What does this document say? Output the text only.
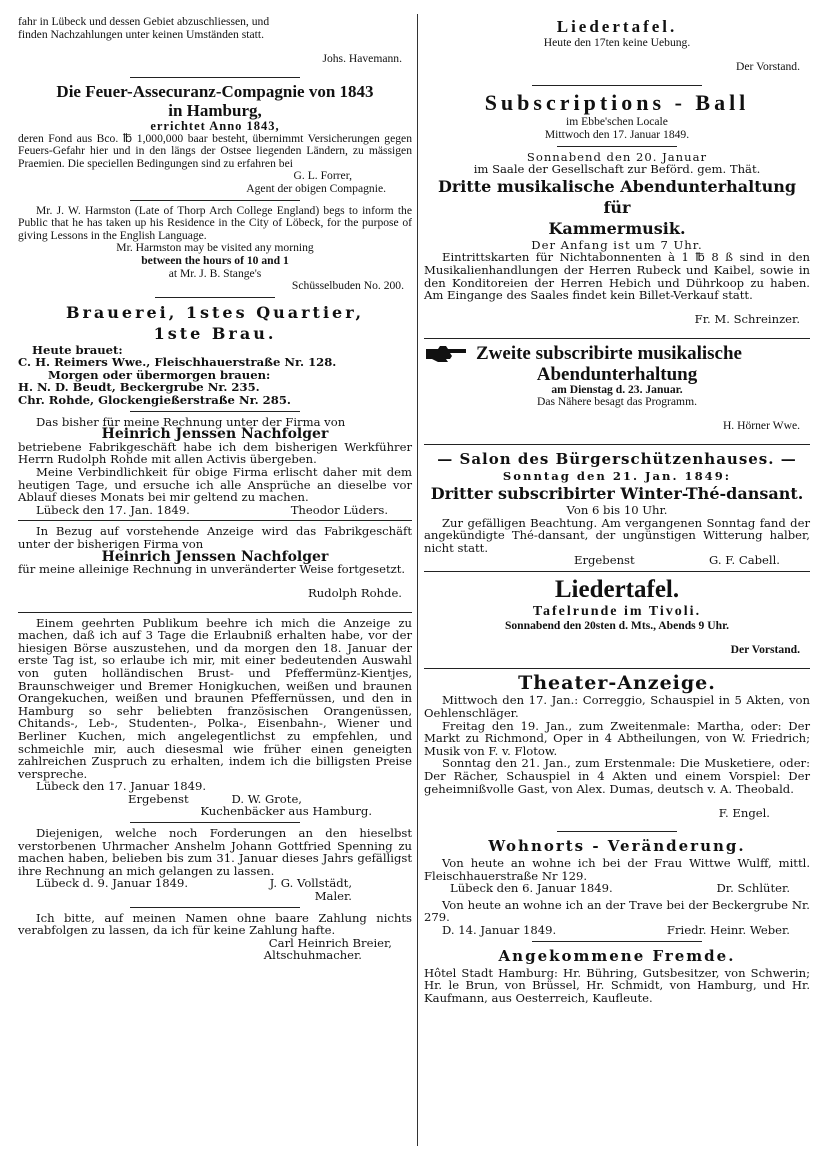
fahr in Lübeck und dessen Gebiet abzuschliessen, und

finden Nachzahlungen unter keinen Umständen statt.

Johs. Havemann.

Die Feuer-Assecuranz-Compagnie von 1843

in Hamburg,

errichtet Anno 1843,

deren Fond aus Bco. ℔ 1,000,000 baar besteht, übernimmt Versicherungen gegen Feuers-Gefahr hier und in den längs der Ostsee liegenden Ländern, zu mässigen Praemien. Die speciellen Bedingungen sind zu erfahren bei

G. L. Forrer,

Agent der obigen Compagnie.

Mr. J. W. Harmston (Late of Thorp Arch College England) begs to inform the Public that he has taken up his Residence in the City of Löbeck, for the purpose of giving Lessons in the English Language.

Mr. Harmston may be visited any morning

between the hours of 10 and 1

at Mr. J. B. Stange's

Schüsselbuden No. 200.

Brauerei, 1stes Quartier,

1ste Brau.

Heute brauet:

C. H. Reimers Wwe., Fleischhauerstraße Nr. 128.

Morgen oder übermorgen brauen:

H. N. D. Beudt, Beckergrube Nr. 235.

Chr. Rohde, Glockengießerstraße Nr. 285.

Das bisher für meine Rechnung unter der Firma von

Heinrich Jenssen Nachfolger

betriebene Fabrikgeschäft habe ich dem bisherigen Werkführer Herrn Rudolph Rohde mit allen Activis übergeben.

Meine Verbindlichkeit für obige Firma erlischt daher mit dem heutigen Tage, und ersuche ich alle Ansprüche an dieselbe vor Ablauf dieses Monats bei mir geltend zu machen.

Lübeck den 17. Jan. 1849.	Theodor Lüders.

In Bezug auf vorstehende Anzeige wird das Fabrikgeschäft unter der bisherigen Firma von

Heinrich Jenssen Nachfolger

für meine alleinige Rechnung in unveränderter Weise fortgesetzt.

Rudolph Rohde.

Einem geehrten Publikum beehre ich mich die Anzeige zu machen, daß ich auf 3 Tage die Erlaubniß erhalten habe, vor der hiesigen Börse auszustehen, und da morgen den 18. Januar der erste Tag ist, so erlaube ich mir, mit einer bedeutenden Auswahl von guten holländischen Brust- und Pfeffermünz-Kientjes, Braunschweiger und Bremer Honigkuchen, weißen und braunen Orangekuchen, weißen und braunen Pfeffernüssen, und den in Hamburg so sehr beliebten französischen Orangenüssen, Chitands-, Leb-, Studenten-, Polka-, Eisenbahn-, Wiener und Berliner Kuchen, mich angelegentlichst zu empfehlen, und schmeichle mir, auch diesesmal wie früher einen geneigten zahlreichen Zuspruch zu erhalten, indem ich die billigsten Preise verspreche.

Lübeck den 17. Januar 1849.

Ergebenst	D. W. Grote,

Kuchenbäcker aus Hamburg.

Diejenigen, welche noch Forderungen an den hieselbst verstorbenen Uhrmacher Anshelm Johann Gottfried Spenning zu machen haben, belieben bis zum 31. Januar dieses Jahrs gefälligst ihre Rechnung an mich gelangen zu lassen.

Lübeck d. 9. Januar 1849.	J. G. Vollstädt,

Maler.

Ich bitte, auf meinen Namen ohne baare Zahlung nichts verabfolgen zu lassen, da ich für keine Zahlung hafte.

Carl Heinrich Breier,

Altschuhmacher.

Liedertafel.

Heute den 17ten keine Uebung.

Der Vorstand.

Subscriptions - Ball

im Ebbe'schen Locale

Mittwoch den 17. Januar 1849.

Sonnabend den 20. Januar

im Saale der Gesellschaft zur Beförd. gem. Thät.

Dritte musikalische Abendunterhaltung für

Kammermusik.

Der Anfang ist um 7 Uhr.

Eintrittskarten für Nichtabonnenten à 1 ℔ 8 ß sind in den Musikalienhandlungen der Herren Rubeck und Kaibel, sowie in den Konditoreien der Herren Hebich und Dührkoop zu haben. Am Eingange des Saales findet kein Billet-Verkauf statt.

Fr. M. Schreinzer.

Zweite subscribirte musikalische

Abendunterhaltung

am Dienstag d. 23. Januar.

Das Nähere besagt das Programm.

H. Hörner Wwe.

— Salon des Bürgerschützenhauses. —

Sonntag den 21. Jan. 1849:

Dritter subscribirter Winter-Thé-dansant.

Von 6 bis 10 Uhr.

Zur gefälligen Beachtung. Am vergangenen Sonntag fand der angekündigte Thé-dansant, der ungünstigen Witterung halber, nicht statt.

Ergebenst	G. F. Cabell.

Liedertafel.

Tafelrunde im Tivoli.

Sonnabend den 20sten d. Mts., Abends 9 Uhr.

Der Vorstand.

Theater-Anzeige.

Mittwoch den 17. Jan.: Correggio, Schauspiel in 5 Akten, von Oehlenschläger.

Freitag den 19. Jan., zum Zweitenmale: Martha, oder: Der Markt zu Richmond, Oper in 4 Abtheilungen, von W. Friedrich; Musik von F. v. Flotow.

Sonntag den 21. Jan., zum Erstenmale: Die Musketiere, oder: Der Rächer, Schauspiel in 4 Akten und einem Vorspiel: Der geheimnißvolle Gast, von Alex. Dumas, deutsch v. A. Theobald.

F. Engel.

Wohnorts - Veränderung.

Von heute an wohne ich bei der Frau Wittwe Wulff, mittl. Fleischhauerstraße Nr 129.

Lübeck den 6. Januar 1849.	Dr. Schlüter.

Von heute an wohne ich an der Trave bei der Beckergrube Nr. 279.

D. 14. Januar 1849.	Friedr. Heinr. Weber.

Angekommene Fremde.

Hôtel Stadt Hamburg: Hr. Bühring, Gutsbesitzer, von Schwerin; Hr. le Brun, von Brüssel, Hr. Schmidt, von Hamburg, und Hr. Kaufmann, aus Oesterreich, Kaufleute.
